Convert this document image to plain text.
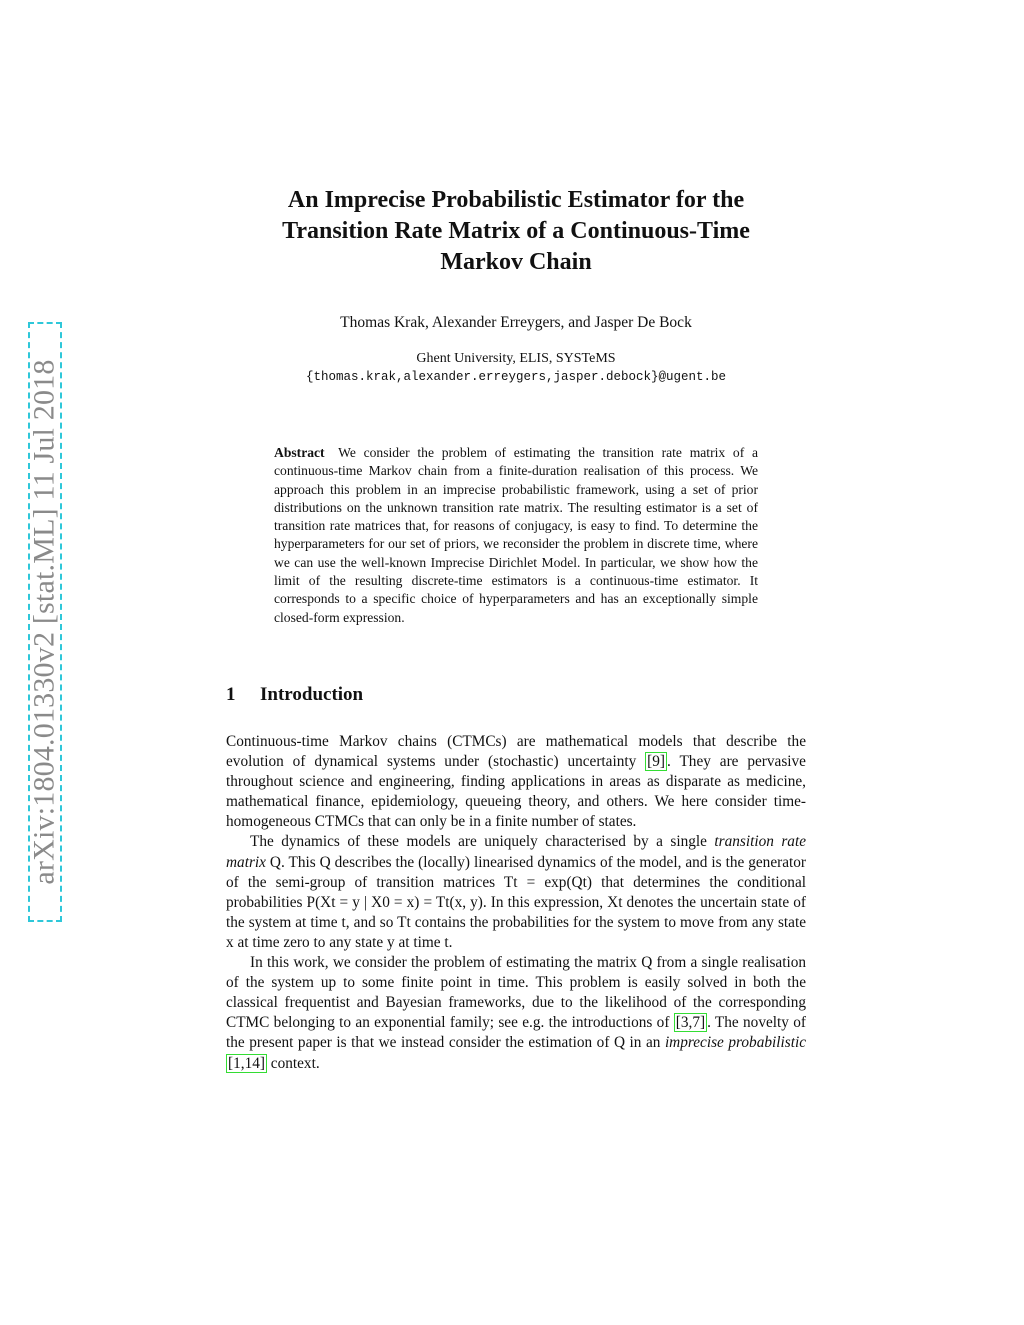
arXiv:1804.01330v2 [stat.ML] 11 Jul 2018
An Imprecise Probabilistic Estimator for the
Transition Rate Matrix of a Continuous-Time
Markov Chain
Thomas Krak, Alexander Erreygers, and Jasper De Bock
Ghent University, ELIS, SYSTeMS
{thomas.krak,alexander.erreygers,jasper.debock}@ugent.be

Abstract We consider the problem of estimating the transition rate matrix of a continuous-time Markov chain from a finite-duration realisation of this process. We approach this problem in an imprecise probabilistic framework, using a set of prior distributions on the unknown transition rate matrix. The resulting estimator is a set of transition rate matrices that, for reasons of conjugacy, is easy to find. To determine the hyperparameters for our set of priors, we reconsider the problem in discrete time, where we can use the well-known Imprecise Dirichlet Model. In particular, we show how the limit of the resulting discrete-time estimators is a continuous-time estimator. It corresponds to a specific choice of hyperparameters and has an exceptionally simple closed-form expression.

1 Introduction

Continuous-time Markov chains (CTMCs) are mathematical models that describe the evolution of dynamical systems under (stochastic) uncertainty [9] . They are pervasive throughout science and engineering, finding applications in areas as disparate as medicine, mathematical finance, epidemiology, queueing theory, and others. We here consider time-homogeneous CTMCs that can only be in a finite number of states.

The dynamics of these models are uniquely characterised by a single transition rate matrix Q. This Q describes the (locally) linearised dynamics of the model, and is the generator of the semi-group of transition matrices Tt = exp(Qt) that determines the conditional probabilities P(Xt = y | X0 = x) = Tt(x, y). In this expression, Xt denotes the uncertain state of the system at time t, and so Tt contains the probabilities for the system to move from any state x at time zero to any state y at time t.

In this work, we consider the problem of estimating the matrix Q from a single realisation of the system up to some finite point in time. This problem is easily solved in both the classical frequentist and Bayesian frameworks, due to the likelihood of the corresponding CTMC belonging to an exponential family; see e.g. the introductions of [3,7] . The novelty of the present paper is that we instead consider the estimation of Q in an imprecise probabilistic [1,14] context.
